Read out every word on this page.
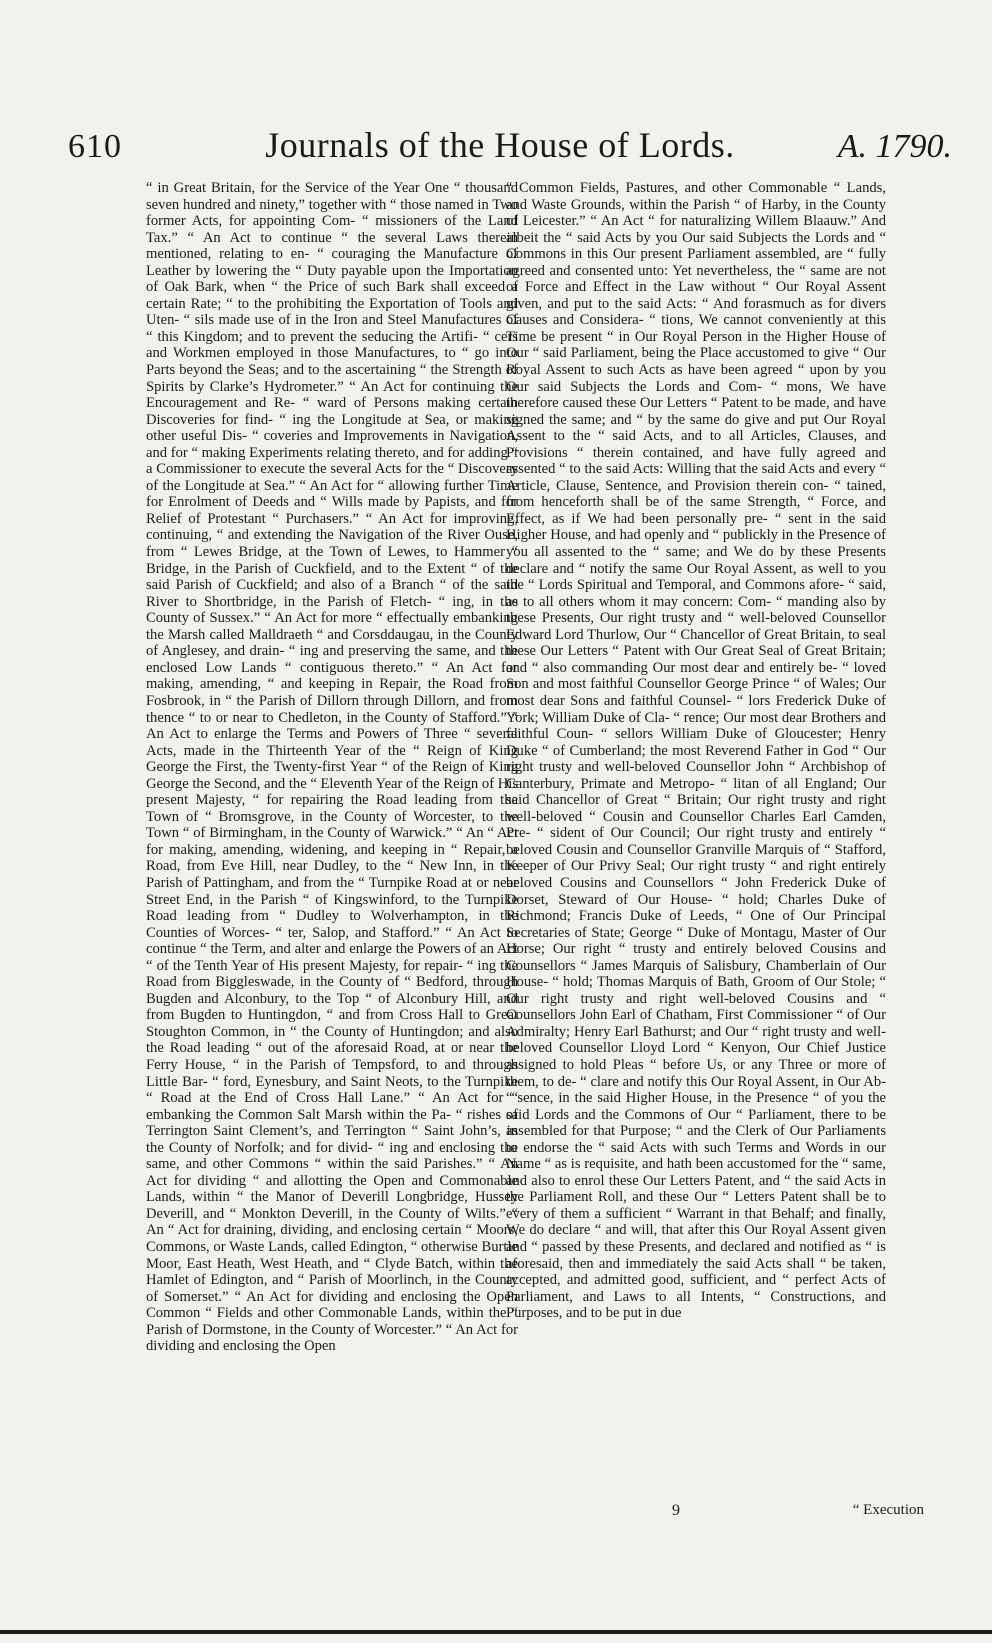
610	Journals of the House of Lords.	A. 1790.

“ in Great Britain, for the Service of the Year One “ thousand seven hundred and ninety,” together with “ those named in Two former Acts, for appointing Com- “ missioners of the Land Tax.” “ An Act to continue “ the several Laws therein mentioned, relating to en- “ couraging the Manufacture of Leather by lowering the “ Duty payable upon the Importation of Oak Bark, when “ the Price of such Bark shall exceed a certain Rate; “ to the prohibiting the Exportation of Tools and Uten- “ sils made use of in the Iron and Steel Manufactures of “ this Kingdom; and to prevent the seducing the Artifi- “ cers and Workmen employed in those Manufactures, to “ go into Parts beyond the Seas; and to the ascertaining “ the Strength of Spirits by Clarke’s Hydrometer.” “ An Act for continuing the Encouragement and Re- “ ward of Persons making certain Discoveries for find- “ ing the Longitude at Sea, or making other useful Dis- “ coveries and Improvements in Navigation, and for “ making Experiments relating thereto, and for adding “ a Commissioner to execute the several Acts for the “ Discovery of the Longitude at Sea.” “ An Act for “ allowing further Time for Enrolment of Deeds and “ Wills made by Papists, and for Relief of Protestant “ Purchasers.” “ An Act for improving, continuing, “ and extending the Navigation of the River Ouse, from “ Lewes Bridge, at the Town of Lewes, to Hammer “ Bridge, in the Parish of Cuckfield, and to the Extent “ of the said Parish of Cuckfield; and also of a Branch “ of the said River to Shortbridge, in the Parish of Fletch- “ ing, in the County of Sussex.” “ An Act for more “ effectually embanking the Marsh called Malldraeth “ and Corsddaugau, in the County of Anglesey, and drain- “ ing and preserving the same, and the enclosed Low Lands “ contiguous thereto.” “ An Act for making, amending, “ and keeping in Repair, the Road from Fosbrook, in “ the Parish of Dillorn through Dillorn, and from thence “ to or near to Chedleton, in the County of Stafford.” “ An Act to enlarge the Terms and Powers of Three “ several Acts, made in the Thirteenth Year of the “ Reign of King George the First, the Twenty-first Year “ of the Reign of King George the Second, and the “ Eleventh Year of the Reign of His present Majesty, “ for repairing the Road leading from the Town of “ Bromsgrove, in the County of Worcester, to the Town “ of Birmingham, in the County of Warwick.” “ An “ Act for making, amending, widening, and keeping in “ Repair, a Road, from Eve Hill, near Dudley, to the “ New Inn, in the Parish of Pattingham, and from the “ Turnpike Road at or near Street End, in the Parish “ of Kingswinford, to the Turnpike Road leading from “ Dudley to Wolverhampton, in the Counties of Worces- “ ter, Salop, and Stafford.” “ An Act to continue “ the Term, and alter and enlarge the Powers of an Act “ of the Tenth Year of His present Majesty, for repair- “ ing the Road from Biggleswade, in the County of “ Bedford, through Bugden and Alconbury, to the Top “ of Alconbury Hill, and from Bugden to Huntingdon, “ and from Cross Hall to Great Stoughton Common, in “ the County of Huntingdon; and also the Road leading “ out of the aforesaid Road, at or near the Ferry House, “ in the Parish of Tempsford, to and through Little Bar- “ ford, Eynesbury, and Saint Neots, to the Turnpike “ Road at the End of Cross Hall Lane.” “ An Act for “ embanking the Common Salt Marsh within the Pa- “ rishes of Terrington Saint Clement’s, and Terrington “ Saint John’s, in the County of Norfolk; and for divid- “ ing and enclosing the same, and other Commons “ within the said Parishes.” “ An Act for dividing “ and allotting the Open and Commonable Lands, within “ the Manor of Deverill Longbridge, Hussey Deverill, and “ Monkton Deverill, in the County of Wilts.” “ An “ Act for draining, dividing, and enclosing certain “ Moors, Commons, or Waste Lands, called Edington, “ otherwise Burtle Moor, East Heath, West Heath, and “ Clyde Batch, within the Hamlet of Edington, and “ Parish of Moorlinch, in the County of Somerset.” “ An Act for dividing and enclosing the Open Common “ Fields and other Commonable Lands, within the “ Parish of Dormstone, in the County of Worcester.” “ An Act for dividing and enclosing the Open

“ Common Fields, Pastures, and other Commonable “ Lands, and Waste Grounds, within the Parish “ of Harby, in the County of Leicester.” “ An Act “ for naturalizing Willem Blaauw.” And albeit the “ said Acts by you Our said Subjects the Lords and “ Commons in this Our present Parliament assembled, are “ fully agreed and consented unto: Yet nevertheless, the “ same are not of Force and Effect in the Law without “ Our Royal Assent given, and put to the said Acts: “ And forasmuch as for divers Causes and Considera- “ tions, We cannot conveniently at this Time be present “ in Our Royal Person in the Higher House of Our “ said Parliament, being the Place accustomed to give “ Our Royal Assent to such Acts as have been agreed “ upon by you Our said Subjects the Lords and Com- “ mons, We have therefore caused these Our Letters “ Patent to be made, and have signed the same; and “ by the same do give and put Our Royal Assent to the “ said Acts, and to all Articles, Clauses, and Provisions “ therein contained, and have fully agreed and assented “ to the said Acts: Willing that the said Acts and every “ Article, Clause, Sentence, and Provision therein con- “ tained, from henceforth shall be of the same Strength, “ Force, and Effect, as if We had been personally pre- “ sent in the said Higher House, and had openly and “ publickly in the Presence of you all assented to the “ same; and We do by these Presents declare and “ notify the same Our Royal Assent, as well to you the “ Lords Spiritual and Temporal, and Commons afore- “ said, as to all others whom it may concern: Com- “ manding also by these Presents, Our right trusty and “ well-beloved Counsellor Edward Lord Thurlow, Our “ Chancellor of Great Britain, to seal these Our Letters “ Patent with Our Great Seal of Great Britain; and “ also commanding Our most dear and entirely be- “ loved Son and most faithful Counsellor George Prince “ of Wales; Our most dear Sons and faithful Counsel- “ lors Frederick Duke of York; William Duke of Cla- “ rence; Our most dear Brothers and faithful Coun- “ sellors William Duke of Gloucester; Henry Duke “ of Cumberland; the most Reverend Father in God “ Our right trusty and well-beloved Counsellor John “ Archbishop of Canterbury, Primate and Metropo- “ litan of all England; Our said Chancellor of Great “ Britain; Our right trusty and right well-beloved “ Cousin and Counsellor Charles Earl Camden, Pre- “ sident of Our Council; Our right trusty and entirely “ beloved Cousin and Counsellor Granville Marquis of “ Stafford, Keeper of Our Privy Seal; Our right trusty “ and right entirely beloved Cousins and Counsellors “ John Frederick Duke of Dorset, Steward of Our House- “ hold; Charles Duke of Richmond; Francis Duke of Leeds, “ One of Our Principal Secretaries of State; George “ Duke of Montagu, Master of Our Horse; Our right “ trusty and entirely beloved Cousins and Counsellors “ James Marquis of Salisbury, Chamberlain of Our House- “ hold; Thomas Marquis of Bath, Groom of Our Stole; “ Our right trusty and right well-beloved Cousins and “ Counsellors John Earl of Chatham, First Commissioner “ of Our Admiralty; Henry Earl Bathurst; and Our “ right trusty and well-beloved Counsellor Lloyd Lord “ Kenyon, Our Chief Justice assigned to hold Pleas “ before Us, or any Three or more of them, to de- “ clare and notify this Our Royal Assent, in Our Ab- “ sence, in the said Higher House, in the Presence “ of you the said Lords and the Commons of Our “ Parliament, there to be assembled for that Purpose; “ and the Clerk of Our Parliaments to endorse the “ said Acts with such Terms and Words in our Name “ as is requisite, and hath been accustomed for the “ same, and also to enrol these Our Letters Patent, and “ the said Acts in the Parliament Roll, and these Our “ Letters Patent shall be to every of them a sufficient “ Warrant in that Behalf; and finally, We do declare “ and will, that after this Our Royal Assent given and “ passed by these Presents, and declared and notified as “ is aforesaid, then and immediately the said Acts shall “ be taken, accepted, and admitted good, sufficient, and “ perfect Acts of Parliament, and Laws to all Intents, “ Constructions, and Purposes, and to be put in due

9	“ Execution
